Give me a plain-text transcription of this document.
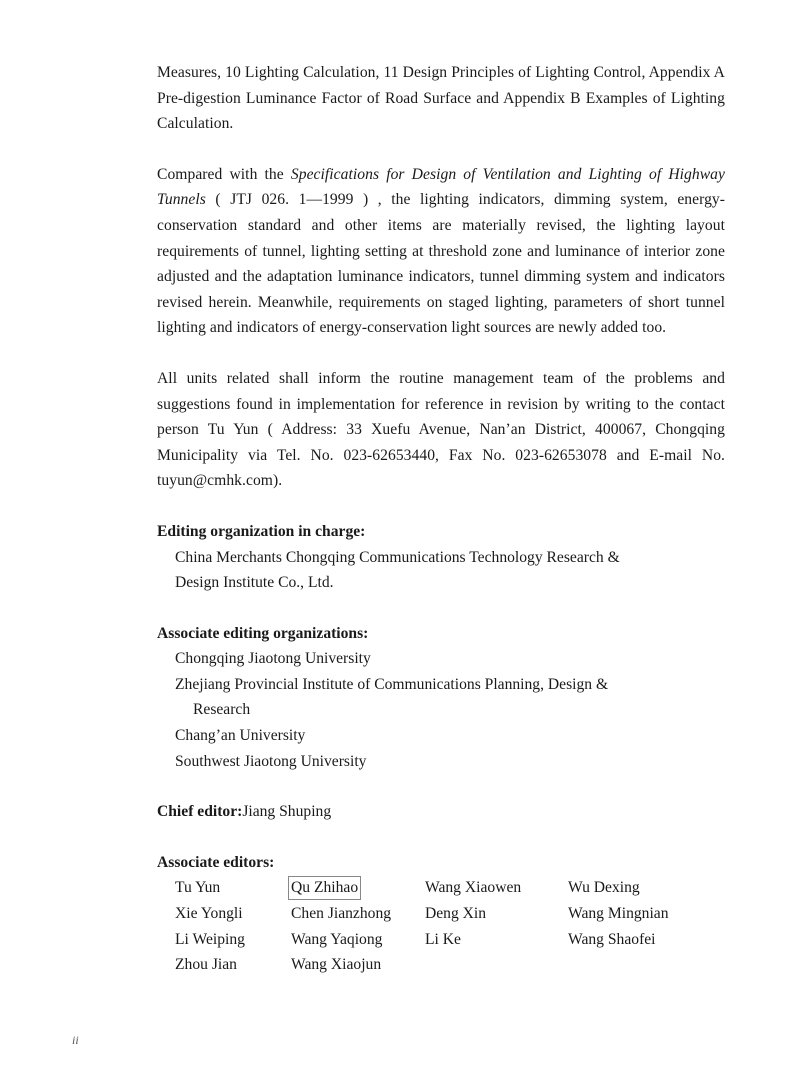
Measures, 10 Lighting Calculation, 11 Design Principles of Lighting Control, Appendix A Pre-digestion Luminance Factor of Road Surface and Appendix B Examples of Lighting Calculation.

Compared with the Specifications for Design of Ventilation and Lighting of Highway Tunnels ( JTJ 026. 1—1999 ) , the lighting indicators, dimming system, energy-conservation standard and other items are materially revised, the lighting layout requirements of tunnel, lighting setting at threshold zone and luminance of interior zone adjusted and the adaptation luminance indicators, tunnel dimming system and indicators revised herein. Meanwhile, requirements on staged lighting, parameters of short tunnel lighting and indicators of energy-conservation light sources are newly added too.

All units related shall inform the routine management team of the problems and suggestions found in implementation for reference in revision by writing to the contact person Tu Yun ( Address: 33 Xuefu Avenue, Nan’an District, 400067, Chongqing Municipality via Tel. No. 023-62653440, Fax No. 023-62653078 and E-mail No. tuyun@cmhk.com).

Editing organization in charge:

China Merchants Chongqing Communications Technology Research &

Design Institute Co., Ltd.

Associate editing organizations:

Chongqing Jiaotong University

Zhejiang Provincial Institute of Communications Planning, Design &

Research

Chang’an University

Southwest Jiaotong University

Chief editor:Jiang Shuping

Associate editors:

Tu Yun	Qu Zhihao	Wang Xiaowen	Wu Dexing
Xie Yongli	Chen Jianzhong	Deng Xin	Wang Mingnian
Li Weiping	Wang Yaqiong	Li Ke	Wang Shaofei
Zhou Jian	Wang Xiaojun
ii
